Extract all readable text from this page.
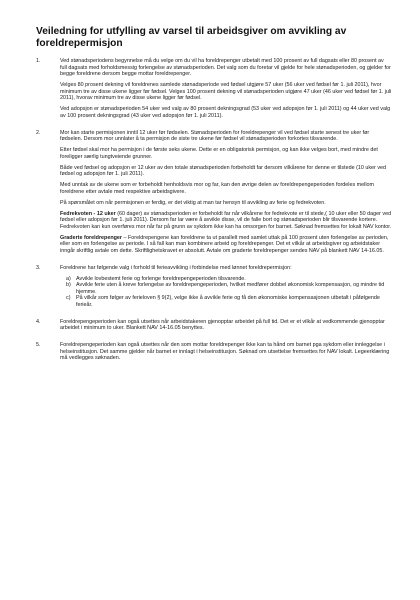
Veiledning for utfylling av varsel til arbeidsgiver om avvikling av foreldrepermisjon
1.	Ved stønadsperiodens begynnelse må du velge om du vil ha foreldrepenger utbetalt med 100 prosent av full dagsats eller 80 prosent av full dagsats med forholdsmessig forlengelse av stønadsperioden. Det valg som du foretar vil gjelde for hele stønadsperioden, og gjelder for begge foreldrene dersom begge mottar foreldrepenger.

Velges 80 prosent dekning vil foreldrenes samlede stønadsperiode ved fødsel utgjøre 57 uker (56 uker ved fødsel før 1. juli 2011), hvor minimum tre av disse ukene ligger før fødsel. Velges 100 prosent dekning vil stønadsperioden utgjøre 47 uker (46 uker ved fødsel før 1. juli 2011), hvorav minimum tre av disse ukene ligger før fødsel.

Ved adopsjon er stønadsperioden 54 uker ved valg av 80 prosent dekningsgrad (53 uker ved adopsjon før 1. juli 2011) og 44 uker ved valg av 100 prosent dekningsgrad (43 uker ved adopsjon før 1. juli 2011).

2.	Mor kan starte permisjonen inntil 12 uker før fødselen. Stønadsperioden for foreldrepenger vil ved fødsel starte senest tre uker før fødselen. Dersom mor unnlater å ta permisjon de siste tre ukene før fødsel vil stønadsperioden forkortes tilsvarende.

Etter fødsel skal mor ha permisjon i de første seks ukene. Dette er en obligatorisk permisjon, og kan ikke velges bort, med mindre det foreligger særlig tungtveiende grunner.

Både ved fødsel og adopsjon er 12 uker av den totale stønadsperioden forbeholdt far dersom vilkårene for denne er tilstede (10 uker ved fødsel og adopsjon før 1. juli 2011).

Med unntak av de ukene som er forbeholdt henholdsvis mor og far, kan den øvrige delen av foreldrepengeperioden fordeles mellom foreldrene etter avtale med respektive arbeidsgivere.

På spørsmålet om når permisjonen er ferdig, er det viktig at man tar hensyn til avvikling av ferie og fedrekvoten.

Fedrekvoten - 12 uker (60 dager) av stønadsperioden er forbeholdt far når vilkårene for fedrekvote er til stede,( 10 uker eller 50 dager ved fødsel eller adopsjon før 1. juli 2011). Dersom far lar være å avvikle disse, vil de falle bort og stønadsperioden blir tilsvarende kortere. Fedrekvoten kan kun overføres mor når far på grunn av sykdom ikke kan ha omsorgen for barnet. Søknad fremsettes for lokalt NAV kontor.

Graderte foreldrepenger – Foreldrepengene kan foreldrene ta ut parallelt med samlet uttak på 100 prosent uten forlengelse av perioden, eller som en forlengelse av periode. I så fall kan man kombinere arbeid og foreldrepenger. Det et vilkår at arbeidsgiver og arbeidstaker inngår skriftlig avtale om dette. Skriftlighetskravet er absolutt. Avtale om graderte foreldrepenger sendes NAV på blankett NAV 14-16.05.

3.	Foreldrene har følgende valg i forhold til ferieavvikling i forbindelse med lønnet foreldrepermisjon:

a) Avvikle lovbestemt ferie og forlenge foreldrepengeperioden tilsvarende.
b) Avvikle ferie uten å kreve forlengelse av foreldrepengeperioden, hvilket medfører dobbel økonomisk kompensasjon, og mindre tid hjemme.
c)	På vilkår som følger av ferieloven § 9(2), velge ikke å avvikle ferie og få den økonomiske kompensasjonen utbetalt i påfølgende ferieår.
4.	Foreldrepengeperioden kan også utsettes når arbeidstakeren gjenopptar arbeidet på full tid. Det er et vilkår at vedkommende gjenopptar arbeidet i minimum to uker. Blankett NAV 14-16.05 benyttes.

5.	Foreldrepengeperioden kan også utsettes når den som mottar foreldrepenger ikke kan ta hånd om barnet pga sykdom eller innleggelse i helseinstitusjon. Det samme gjelder når barnet er innlagt i helseinstitusjon. Søknad om utsettelse fremsettes for NAV lokalt. Legeerklæring må vedlegges søknaden.
